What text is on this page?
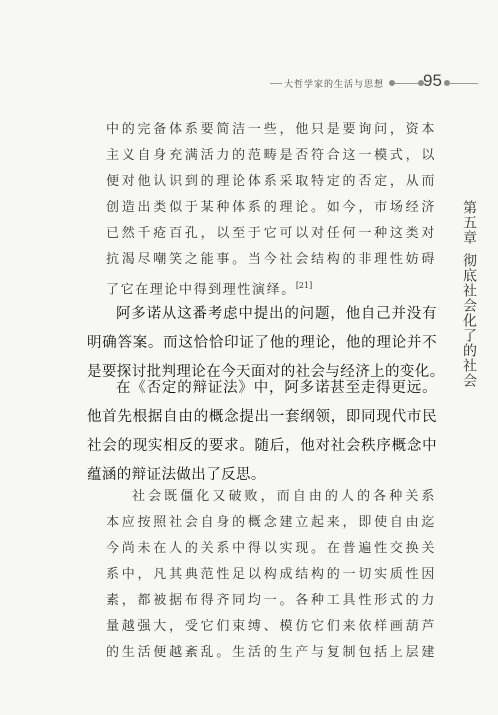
大哲学家的生活与思想 95
第五章彻底社会化了的社会
中的完备体系要简洁一些，他只是要询问，资本
主义自身充满活力的范畴是否符合这一模式，以
便对他认识到的理论体系采取特定的否定，从而
创造出类似于某种体系的理论。如今，市场经济
已然千疮百孔，以至于它可以对任何一种这类对
抗渴尽嘲笑之能事。当今社会结构的非理性妨碍
了它在理论中得到理性演绎。[21]
阿多诺从这番考虑中提出的问题，他自己并没有
明确答案。而这恰恰印证了他的理论，他的理论并不
是要探讨批判理论在今天面对的社会与经济上的变化。
在《否定的辩证法》中，阿多诺甚至走得更远。
他首先根据自由的概念提出一套纲领，即同现代市民
社会的现实相反的要求。随后，他对社会秩序概念中
蕴涵的辩证法做出了反思。
社会既僵化又破败，而自由的人的各种关系
本应按照社会自身的概念建立起来，即使自由迄
今尚未在人的关系中得以实现。在普遍性交换关
系中，凡其典范性足以构成结构的一切实质性因
素，都被据布得齐同均一。各种工具性形式的力
量越强大，受它们束缚、模仿它们来依样画葫芦
的生活便越紊乱。生活的生产与复制包括上层建
